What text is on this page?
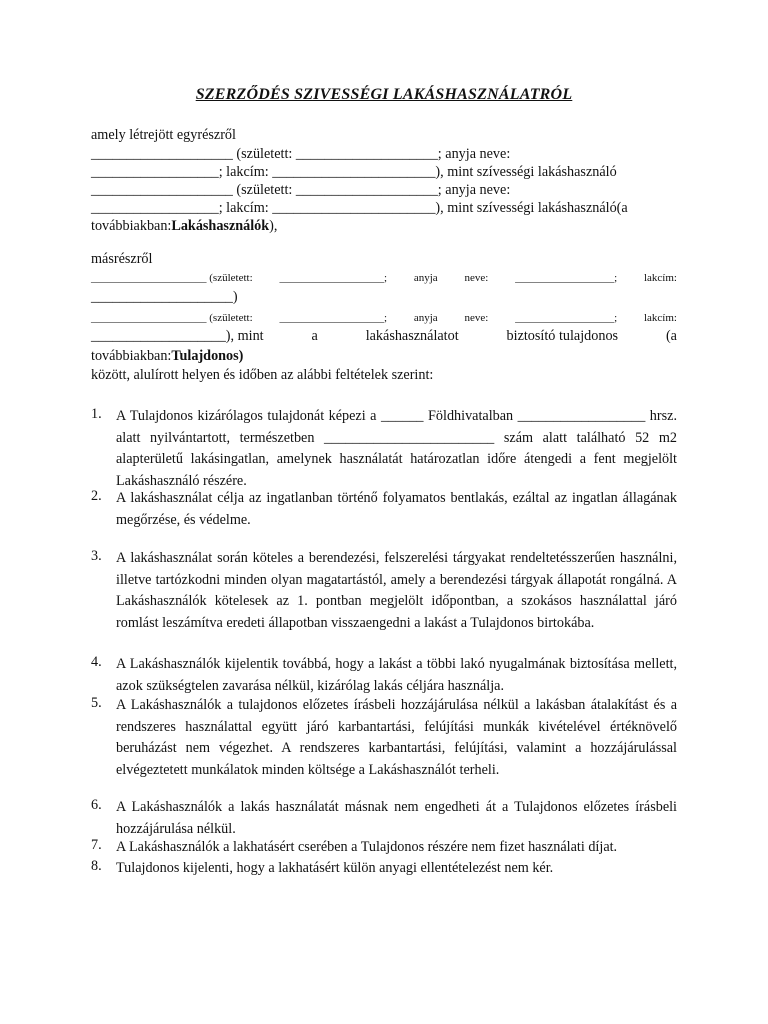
SZERZŐDÉS SZIVESSÉGI LAKÁSHASZNÁLATRÓL
amely létrejött egyrészről
____________________ (született: ____________________; anyja neve:
__________________; lakcím: _______________________), mint szívességi lakáshasználó
____________________ (született: ____________________; anyja neve:
__________________; lakcím: _______________________), mint szívességi lakáshasználó(a
továbbiakban:Lakáshasználók),
másrészről
_____________________ (született: ___________________; anyja neve: __________________; lakcím:
____________________)
_____________________ (született: ___________________; anyja neve: __________________; lakcím:
___________________), mint	a	lakáshasználatot	biztosító tulajdonos	(a
továbbiakban:Tulajdonos)
között, alulírott helyen és időben az alábbi feltételek szerint:
1. A Tulajdonos kizárólagos tulajdonát képezi a ______ Földhivatalban __________________ hrsz. alatt nyilvántartott, természetben ________________________ szám alatt található 52 m2 alapterületű lakásingatlan, amelynek használatát határozatlan időre átengedi a fent megjelölt Lakáshasználó részére.
2. A lakáshasználat célja az ingatlanban történő folyamatos bentlakás, ezáltal az ingatlan állagának megőrzése, és védelme.
3. A lakáshasználat során köteles a berendezési, felszerelési tárgyakat rendeltetésszerűen használni, illetve tartózkodni minden olyan magatartástól, amely a berendezési tárgyak állapotát rongálná. A Lakáshasználók kötelesek az 1. pontban megjelölt időpontban, a szokásos használattal járó romlást leszámítva eredeti állapotban visszaengedni a lakást a Tulajdonos birtokába.
4. A Lakáshasználók kijelentik továbbá, hogy a lakást a többi lakó nyugalmának biztosítása mellett, azok szükségtelen zavarása nélkül, kizárólag lakás céljára használja.
5. A Lakáshasználók a tulajdonos előzetes írásbeli hozzájárulása nélkül a lakásban átalakítást és a rendszeres használattal együtt járó karbantartási, felújítási munkák kivételével értéknövelő beruházást nem végezhet. A rendszeres karbantartási, felújítási, valamint a hozzájárulással elvégeztetett munkálatok minden költsége a Lakáshasználót terheli.
6. A Lakáshasználók a lakás használatát másnak nem engedheti át a Tulajdonos előzetes írásbeli hozzájárulása nélkül.
7. A Lakáshasználók a lakhatásért cserében a Tulajdonos részére nem fizet használati díjat.
8. Tulajdonos kijelenti, hogy a lakhatásért külön anyagi ellentételezést nem kér.
